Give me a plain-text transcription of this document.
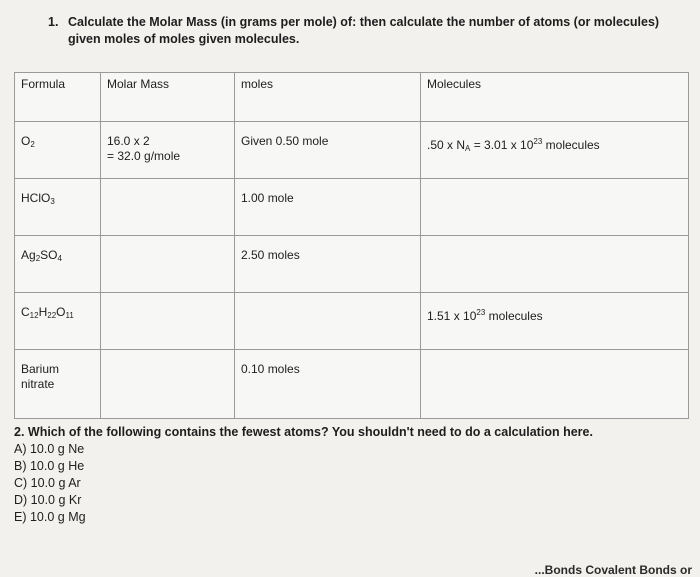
1. Calculate the Molar Mass (in grams per mole) of: then calculate the number of atoms (or molecules)
given moles of moles given molecules.
Formula	Molar Mass	moles	Molecules
$O_2$	16.0 x 2
= 32.0 g/mole	Given 0.50 mole	.50 x $N_A = 3.01$ x $10^{23}$ molecules
HClO$_3$		1.00 mole	
$Ag_2SO_4$		2.50 moles	
$C_{12}H_{22}O_{11}$			1.51 x $10^{23}$ molecules

Barium
nitrate		0.10 moles	
2. Which of the following contains the fewest atoms? You shouldn't need to do a calculation here.
A) 10.0 g Ne
B) 10.0 g He
C) 10.0 g Ar
D) 10.0 g Kr
E) 10.0 g Mg
...Bonds Covalent Bonds or
